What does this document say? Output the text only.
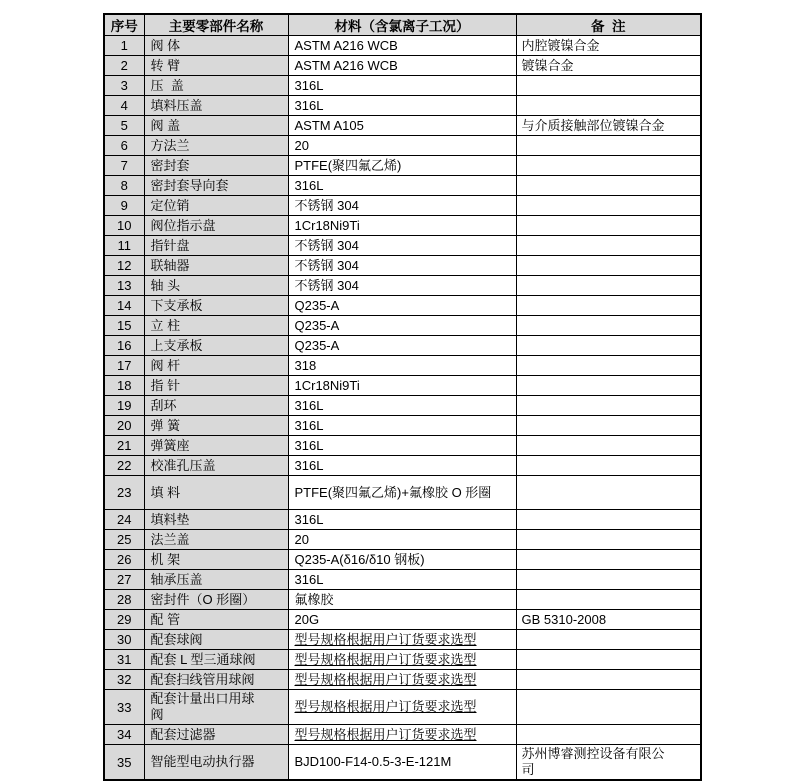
序号	主要零部件名称	材料（含氯离子工况）	备  注
1	阀 体	ASTM A216 WCB	内腔镀镍合金
2	转 臂	ASTM A216 WCB	镀镍合金
3	压  盖	316L	
4	填料压盖	316L	
5	阀 盖	ASTM A105	与介质接触部位镀镍合金
6	方法兰	20	
7	密封套	PTFE(聚四氟乙烯)	
8	密封套导向套	316L	
9	定位销	不锈钢 304	
10	阀位指示盘	1Cr18Ni9Ti	
11	指针盘	不锈钢 304	
12	联轴器	不锈钢 304	
13	轴 头	不锈钢 304	
14	下支承板	Q235-A	
15	立 柱	Q235-A	
16	上支承板	Q235-A	
17	阀 杆	318	
18	指 针	1Cr18Ni9Ti	
19	刮环	316L	
20	弹 簧	316L	
21	弹簧座	316L	
22	校准孔压盖	316L	
23	填 料	PTFE(聚四氟乙烯)+氟橡胶 O 形圈	
24	填料垫	316L	
25	法兰盖	20	
26	机 架	Q235-A(δ16/δ10 钢板)	
27	轴承压盖	316L	
28	密封件（O 形圈）	氟橡胶	
29	配 管	20G	GB 5310-2008
30	配套球阀	型号规格根据用户订货要求选型	
31	配套 L 型三通球阀	型号规格根据用户订货要求选型	
32	配套扫线管用球阀	型号规格根据用户订货要求选型	
33	配套计量出口用球阀	型号规格根据用户订货要求选型	
34	配套过滤器	型号规格根据用户订货要求选型	
35	智能型电动执行器	BJD100-F14-0.5-3-E-121M	苏州博睿测控设备有限公司
